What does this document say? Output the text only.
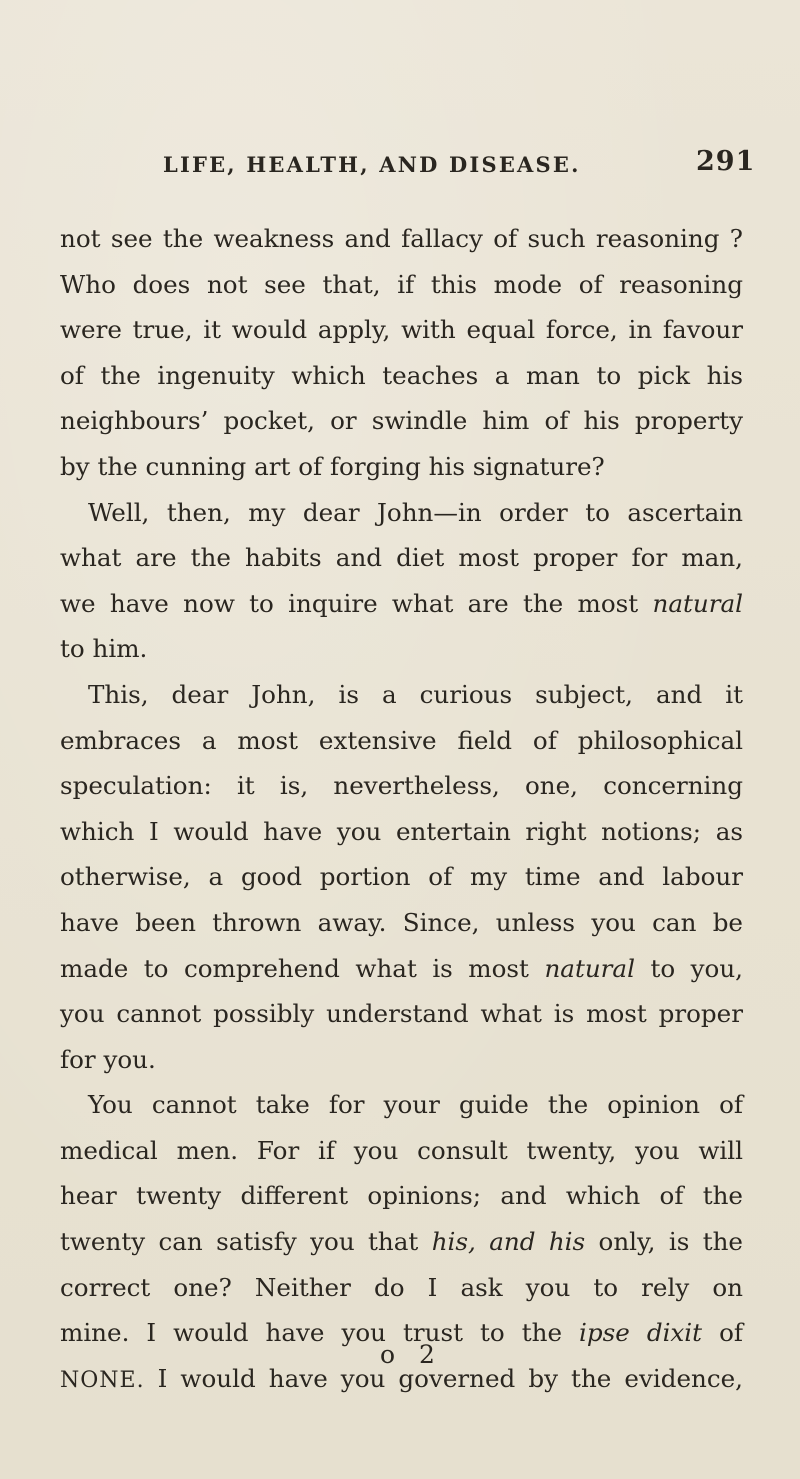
LIFE, HEALTH, AND DISEASE.	291
not see the weakness and fallacy of such reasoning ?
Who does not see that, if this mode of reasoning
were true, it would apply, with equal force, in favour
of the ingenuity which teaches a man to pick his
neighbours’ pocket, or swindle him of his property
by the cunning art of forging his signature?
Well, then, my dear John—in order to ascertain
what are the habits and diet most proper for man,
we have now to inquire what are the most natural
to him.
This, dear John, is a curious subject, and it
embraces a most extensive field of philosophical
speculation: it is, nevertheless, one, concerning
which I would have you entertain right notions; as
otherwise, a good portion of my time and labour
have been thrown away. Since, unless you can be
made to comprehend what is most natural to you,
you cannot possibly understand what is most proper
for you.
You cannot take for your guide the opinion of
medical men. For if you consult twenty, you will
hear twenty different opinions; and which of the
twenty can satisfy you that his, and his only, is the
correct one? Neither do I ask you to rely on
mine. I would have you trust to the ipse dixit of
NONE. I would have you governed by the evidence,
o 2
